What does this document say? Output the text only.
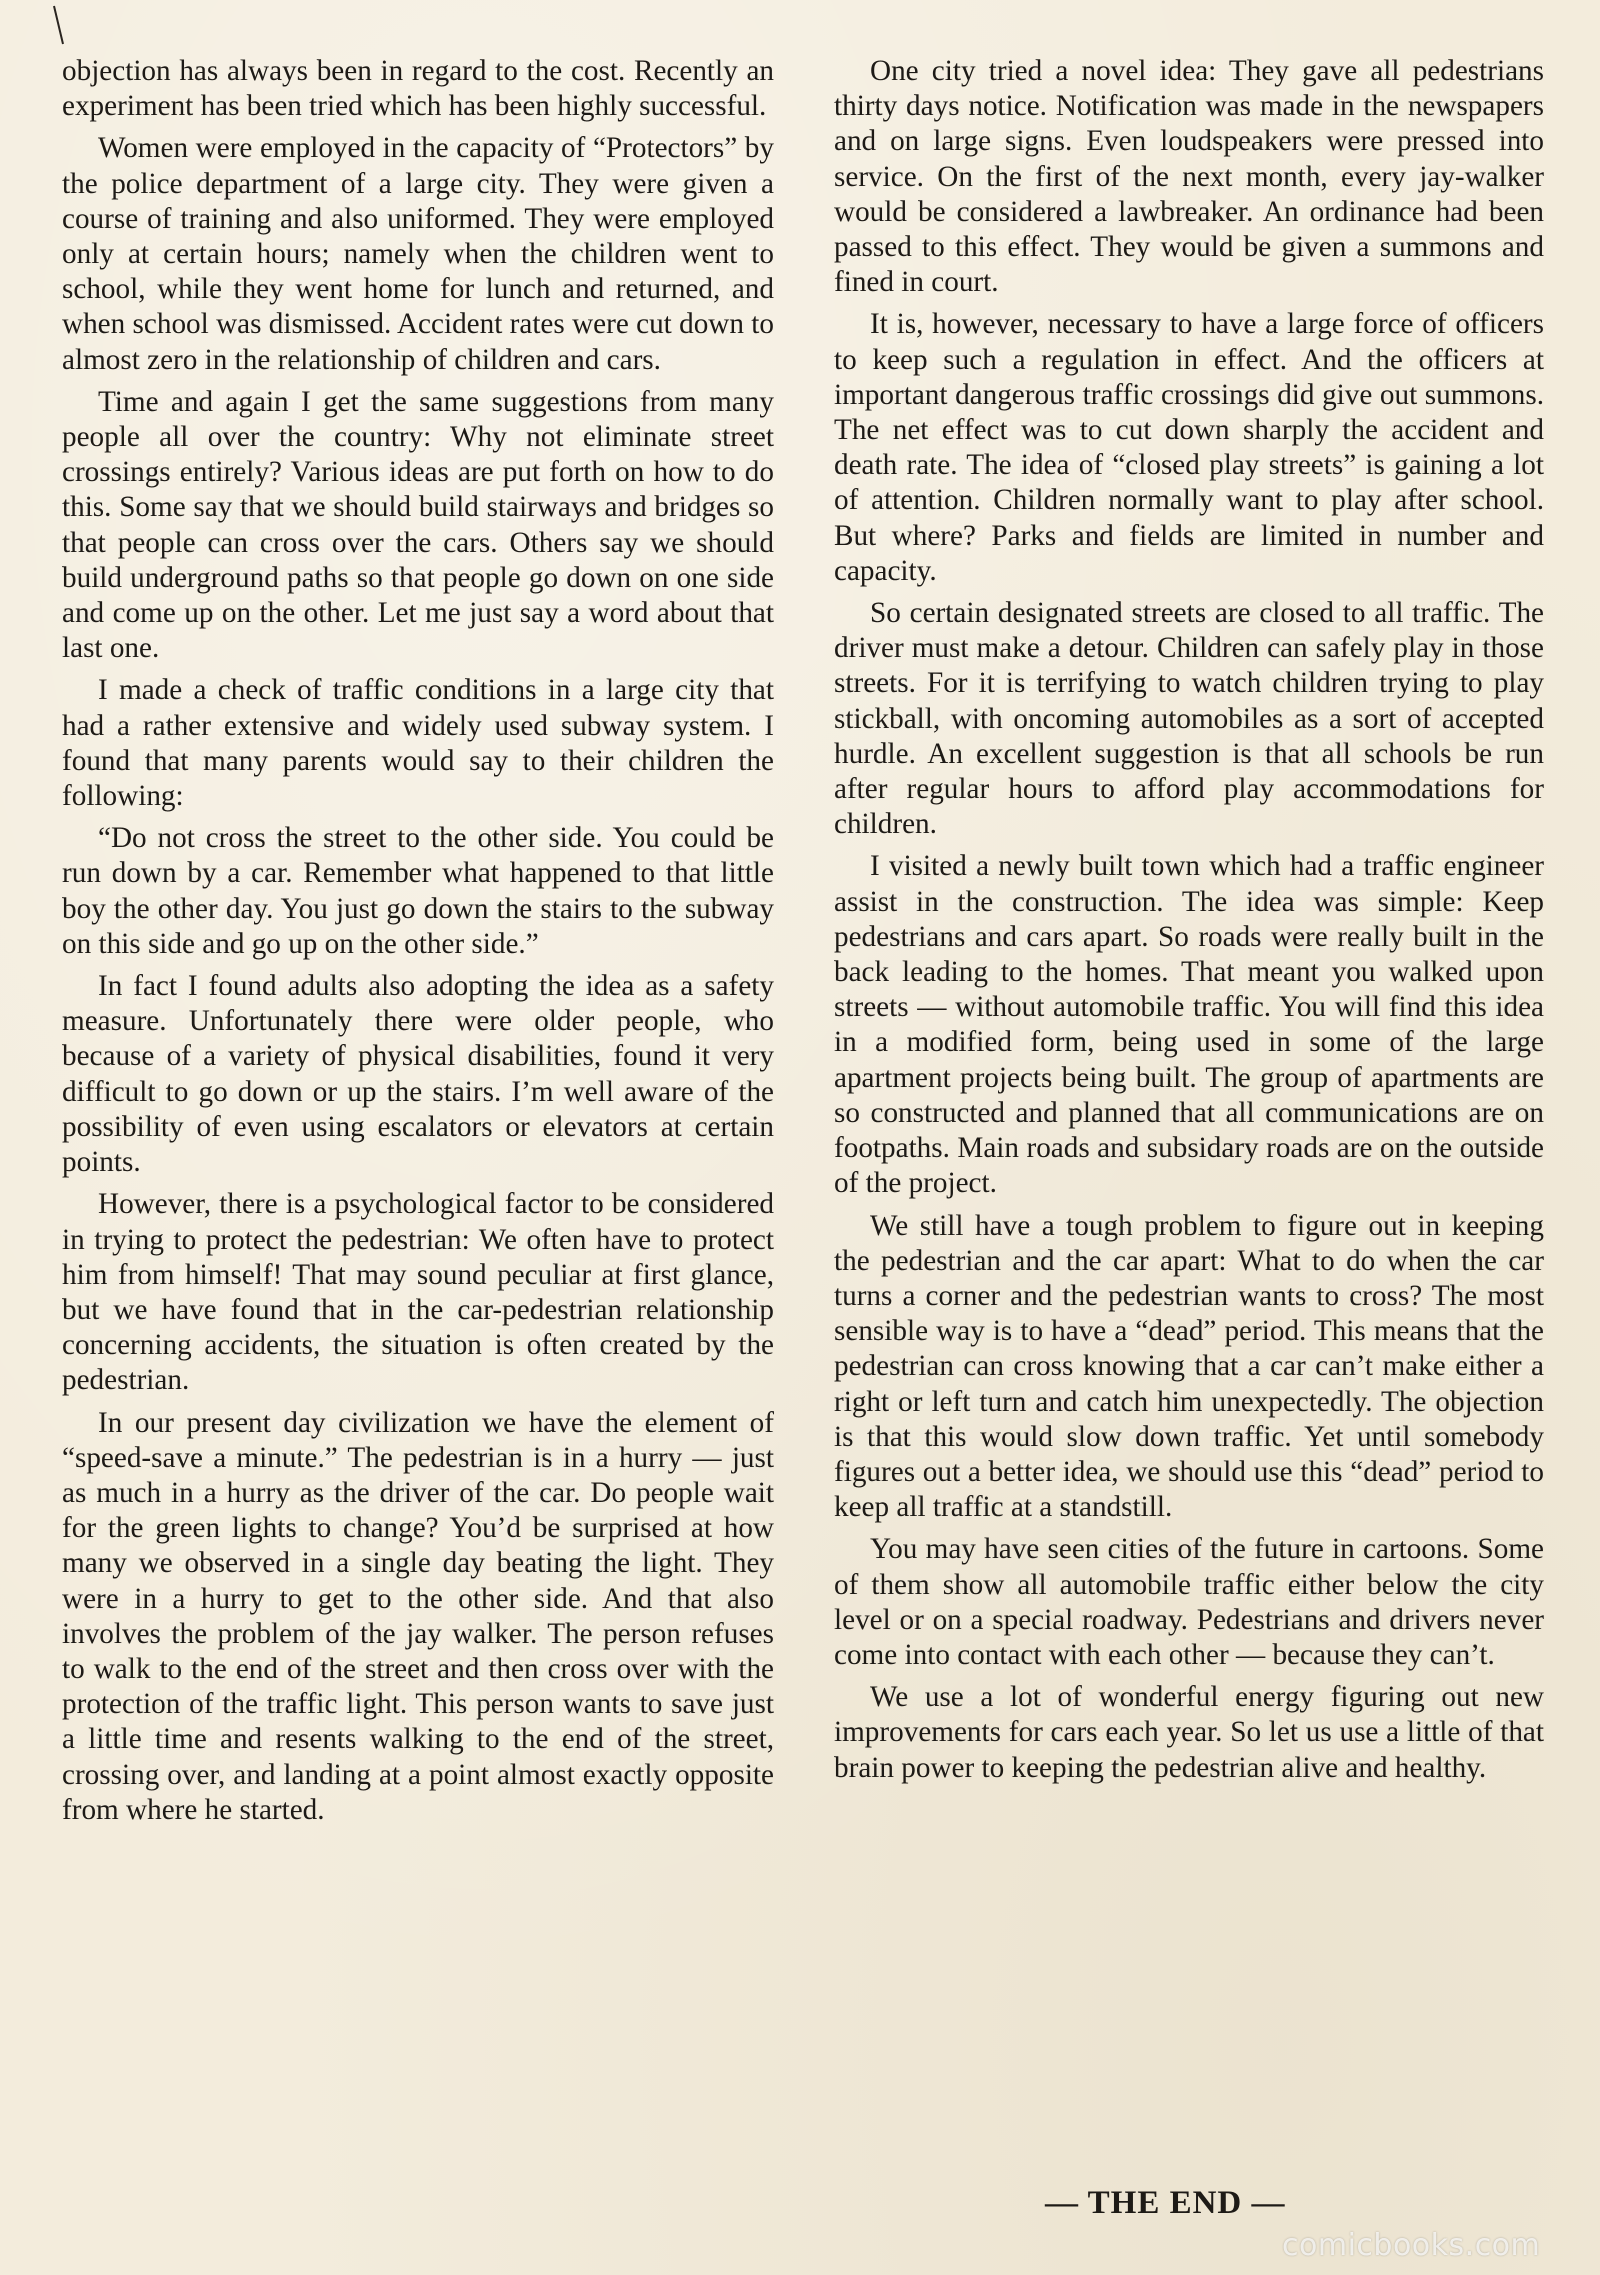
objection has always been in regard to the cost. Recently an experiment has been tried which has been highly successful.

Women were employed in the capacity of “Protectors” by the police department of a large city. They were given a course of training and also uniformed. They were employed only at certain hours; namely when the children went to school, while they went home for lunch and returned, and when school was dismissed. Accident rates were cut down to almost zero in the relationship of children and cars.

Time and again I get the same suggestions from many people all over the country: Why not eliminate street crossings entirely? Various ideas are put forth on how to do this. Some say that we should build stairways and bridges so that people can cross over the cars. Others say we should build underground paths so that people go down on one side and come up on the other. Let me just say a word about that last one.

I made a check of traffic conditions in a large city that had a rather extensive and widely used subway system. I found that many parents would say to their children the following:

“Do not cross the street to the other side. You could be run down by a car. Remember what happened to that little boy the other day. You just go down the stairs to the subway on this side and go up on the other side.”

In fact I found adults also adopting the idea as a safety measure. Unfortunately there were older people, who because of a variety of physical disabilities, found it very difficult to go down or up the stairs. I’m well aware of the possibility of even using escalators or elevators at certain points.

However, there is a psychological factor to be considered in trying to protect the pedestrian: We often have to protect him from himself! That may sound peculiar at first glance, but we have found that in the car-pedestrian relationship concerning accidents, the situation is often created by the pedestrian.

In our present day civilization we have the element of “speed-save a minute.” The pedestrian is in a hurry — just as much in a hurry as the driver of the car. Do people wait for the green lights to change? You’d be surprised at how many we observed in a single day beating the light. They were in a hurry to get to the other side. And that also involves the problem of the jay walker. The person refuses to walk to the end of the street and then cross over with the protection of the traffic light. This person wants to save just a little time and resents walking to the end of the street, crossing over, and landing at a point almost exactly opposite from where he started.

One city tried a novel idea: They gave all pedestrians thirty days notice. Notification was made in the newspapers and on large signs. Even loudspeakers were pressed into service. On the first of the next month, every jay-walker would be considered a lawbreaker. An ordinance had been passed to this effect. They would be given a summons and fined in court.

It is, however, necessary to have a large force of officers to keep such a regulation in effect. And the officers at important dangerous traffic crossings did give out summons. The net effect was to cut down sharply the accident and death rate. The idea of “closed play streets” is gaining a lot of attention. Children normally want to play after school. But where? Parks and fields are limited in number and capacity.

So certain designated streets are closed to all traffic. The driver must make a detour. Children can safely play in those streets. For it is terrifying to watch children trying to play stickball, with oncoming automobiles as a sort of accepted hurdle. An excellent suggestion is that all schools be run after regular hours to afford play accommodations for children.

I visited a newly built town which had a traffic engineer assist in the construction. The idea was simple: Keep pedestrians and cars apart. So roads were really built in the back leading to the homes. That meant you walked upon streets — without automobile traffic. You will find this idea in a modified form, being used in some of the large apartment projects being built. The group of apartments are so constructed and planned that all communications are on footpaths. Main roads and subsidary roads are on the outside of the project.

We still have a tough problem to figure out in keeping the pedestrian and the car apart: What to do when the car turns a corner and the pedestrian wants to cross? The most sensible way is to have a “dead” period. This means that the pedestrian can cross knowing that a car can’t make either a right or left turn and catch him unexpectedly. The objection is that this would slow down traffic. Yet until somebody figures out a better idea, we should use this “dead” period to keep all traffic at a standstill.

You may have seen cities of the future in cartoons. Some of them show all automobile traffic either below the city level or on a special roadway. Pedestrians and drivers never come into contact with each other — because they can’t.

We use a lot of wonderful energy figuring out new improvements for cars each year. So let us use a little of that brain power to keeping the pedestrian alive and healthy.

— THE END —
comicbooks.com
